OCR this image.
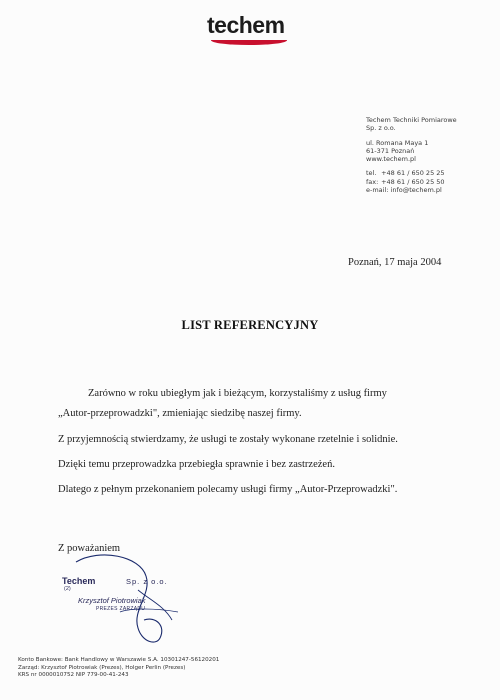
techem
Techem Techniki Pomiarowe
Sp. z o.o.
ul. Romana Maya 1
61-371 Poznań
www.techem.pl
tel. +48 61 / 650 25 25
fax: +48 61 / 650 25 50
e-mail: info@techem.pl
Poznań, 17 maja 2004
LIST REFERENCYJNY
Zarówno w roku ubiegłym jak i bieżącym, korzystaliśmy z usług firmy
„Autor-przeprowadzki", zmieniając siedzibę naszej firmy.
Z przyjemnością stwierdzamy, że usługi te zostały wykonane rzetelnie i solidnie.
Dzięki temu przeprowadzka przebiegła sprawnie i bez zastrzeżeń.
Dlatego z pełnym przekonaniem polecamy usługi firmy „Autor-Przeprowadzki".
Z poważaniem
Techem	Sp. z o.o.
(2)
Krzysztof Piotrowiak
PREZES ZARZĄDU
Konto Bankowe: Bank Handlowy w Warszawie S.A. 10301247-56120201
Zarząd: Krzysztof Piotrowiak (Prezes), Holger Perlin (Prezes)
KRS nr 0000010752 NIP 779-00-41-243
